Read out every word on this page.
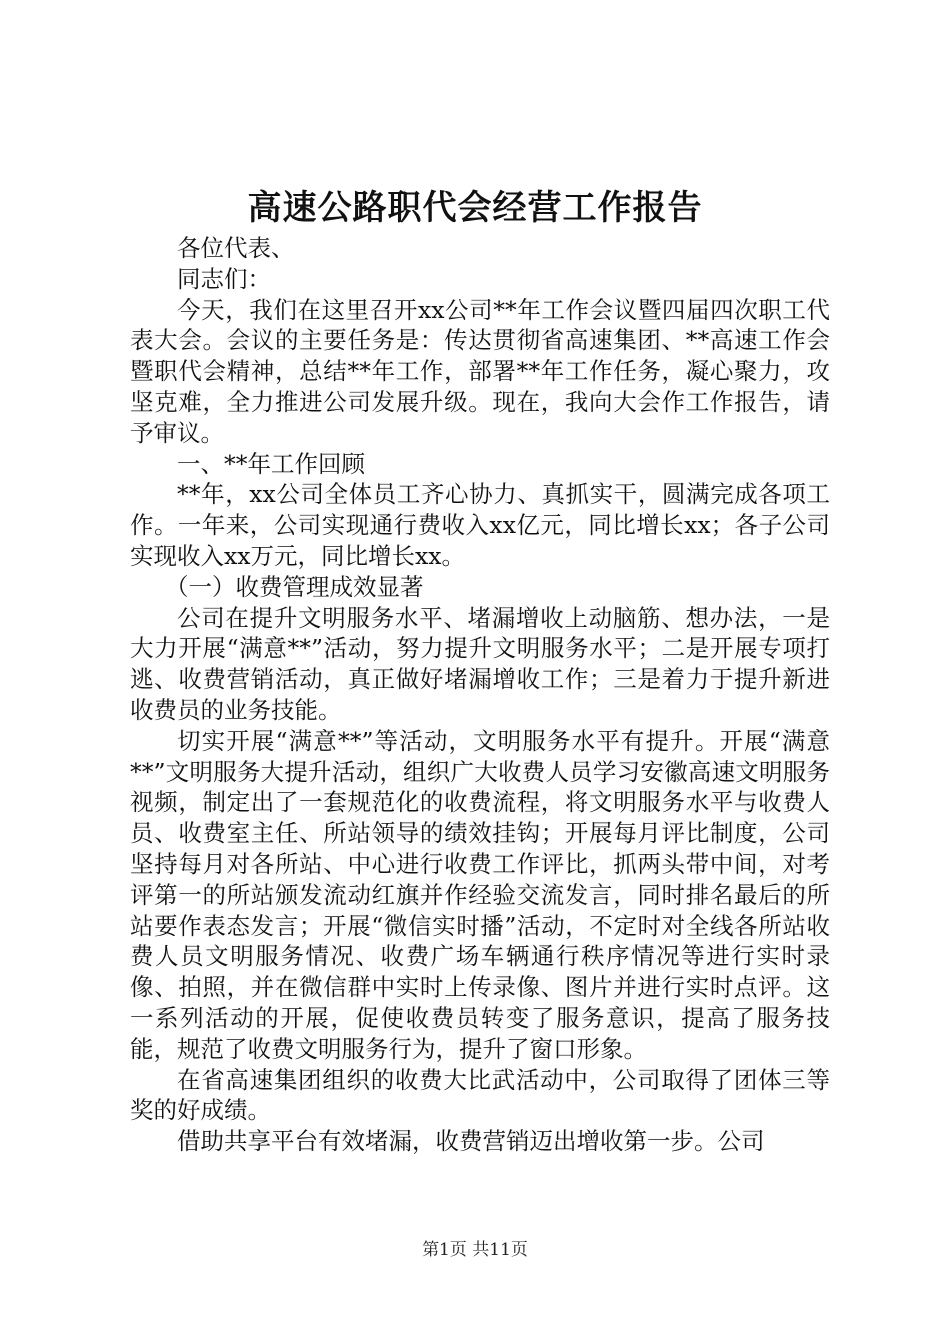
高速公路职代会经营工作报告

各位代表、

同志们：

今天，我们在这里召开xx公司**年工作会议暨四届四次职工代表大会。会议的主要任务是：传达贯彻省高速集团、**高速工作会暨职代会精神，总结**年工作，部署**年工作任务，凝心聚力，攻坚克难，全力推进公司发展升级。现在，我向大会作工作报告，请予审议。

一、**年工作回顾

**年，xx公司全体员工齐心协力、真抓实干，圆满完成各项工作。一年来，公司实现通行费收入xx亿元，同比增长xx；各子公司实现收入xx万元，同比增长xx。

（一）收费管理成效显著

公司在提升文明服务水平、堵漏增收上动脑筋、想办法，一是大力开展“满意**”活动，努力提升文明服务水平；二是开展专项打逃、收费营销活动，真正做好堵漏增收工作；三是着力于提升新进收费员的业务技能。

切实开展“满意**”等活动，文明服务水平有提升。开展“满意**”文明服务大提升活动，组织广大收费人员学习安徽高速文明服务视频，制定出了一套规范化的收费流程，将文明服务水平与收费人员、收费室主任、所站领导的绩效挂钩；开展每月评比制度，公司坚持每月对各所站、中心进行收费工作评比，抓两头带中间，对考评第一的所站颁发流动红旗并作经验交流发言，同时排名最后的所站要作表态发言；开展“微信实时播”活动，不定时对全线各所站收费人员文明服务情况、收费广场车辆通行秩序情况等进行实时录像、拍照，并在微信群中实时上传录像、图片并进行实时点评。这一系列活动的开展，促使收费员转变了服务意识，提高了服务技能，规范了收费文明服务行为，提升了窗口形象。

在省高速集团组织的收费大比武活动中，公司取得了团体三等奖的好成绩。

借助共享平台有效堵漏，收费营销迈出增收第一步。公司

第1页 共11页
